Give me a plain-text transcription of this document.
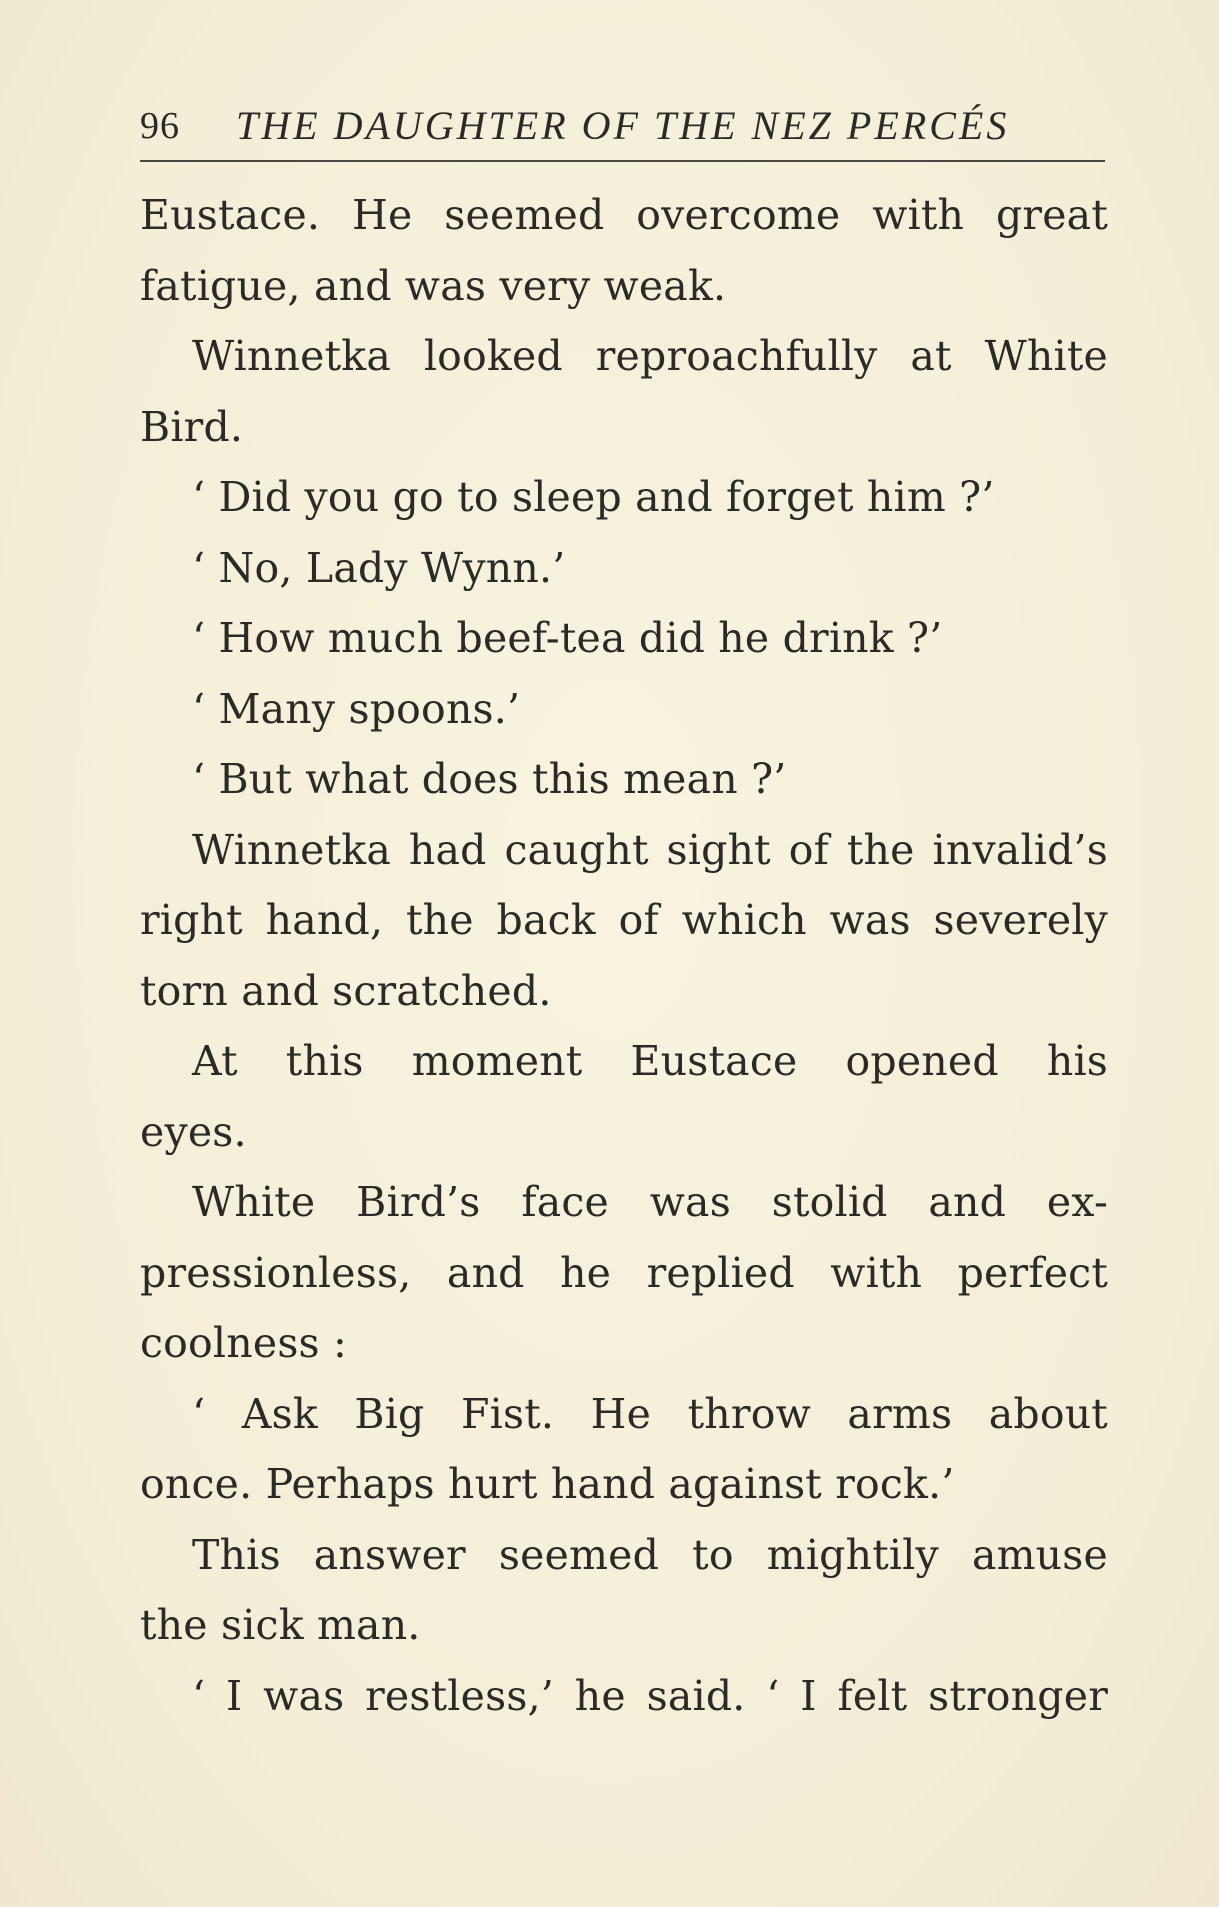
96 THE DAUGHTER OF THE NEZ PERCÉS
Eustace. He seemed overcome with great
fatigue, and was very weak.
Winnetka looked reproachfully at White
Bird.
‘ Did you go to sleep and forget him ?’
‘ No, Lady Wynn.’
‘ How much beef-tea did he drink ?’
‘ Many spoons.’
‘ But what does this mean ?’
Winnetka had caught sight of the invalid’s
right hand, the back of which was severely
torn and scratched.
At this moment Eustace opened his
eyes.
White Bird’s face was stolid and ex-
pressionless, and he replied with perfect
coolness :
‘ Ask Big Fist. He throw arms about
once. Perhaps hurt hand against rock.’
This answer seemed to mightily amuse
the sick man.
‘ I was restless,’ he said. ‘ I felt stronger
